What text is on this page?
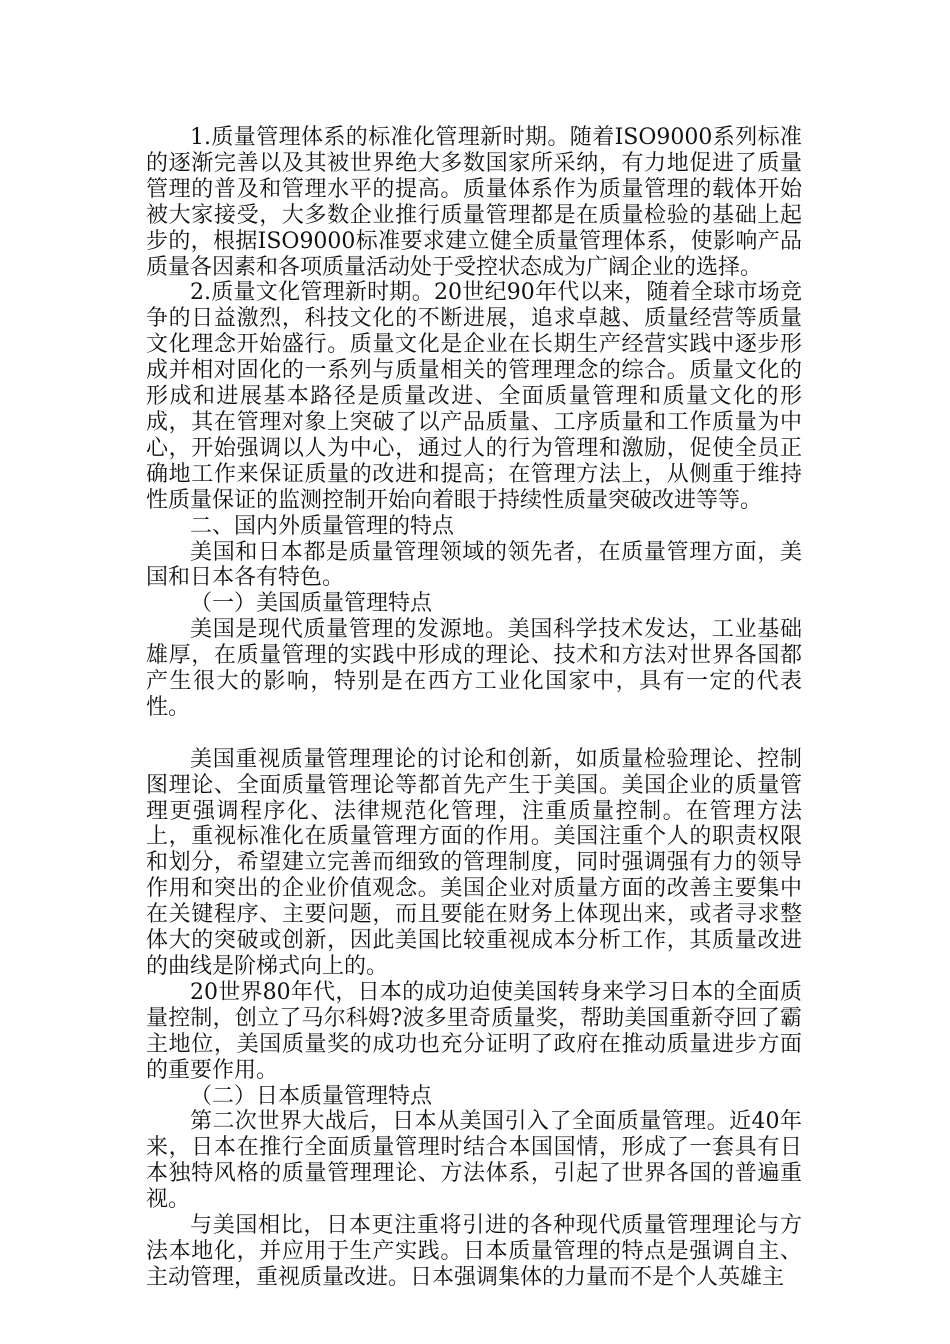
1.质量管理体系的标准化管理新时期。随着ISO9000系列标准的逐渐完善以及其被世界绝大多数国家所采纳，有力地促进了质量管理的普及和管理水平的提高。质量体系作为质量管理的载体开始被大家接受，大多数企业推行质量管理都是在质量检验的基础上起步的，根据ISO9000标准要求建立健全质量管理体系，使影响产品质量各因素和各项质量活动处于受控状态成为广阔企业的选择。

2.质量文化管理新时期。20世纪90年代以来，随着全球市场竞争的日益激烈，科技文化的不断进展，追求卓越、质量经营等质量文化理念开始盛行。质量文化是企业在长期生产经营实践中逐步形成并相对固化的一系列与质量相关的管理理念的综合。质量文化的形成和进展基本路径是质量改进、全面质量管理和质量文化的形成，其在管理对象上突破了以产品质量、工序质量和工作质量为中心，开始强调以人为中心，通过人的行为管理和激励，促使全员正确地工作来保证质量的改进和提高；在管理方法上，从侧重于维持性质量保证的监测控制开始向着眼于持续性质量突破改进等等。

二、国内外质量管理的特点

美国和日本都是质量管理领域的领先者，在质量管理方面，美国和日本各有特色。

（一）美国质量管理特点

美国是现代质量管理的发源地。美国科学技术发达，工业基础雄厚，在质量管理的实践中形成的理论、技术和方法对世界各国都产生很大的影响，特别是在西方工业化国家中，具有一定的代表性。

美国重视质量管理理论的讨论和创新，如质量检验理论、控制图理论、全面质量管理论等都首先产生于美国。美国企业的质量管理更强调程序化、法律规范化管理，注重质量控制。在管理方法上，重视标准化在质量管理方面的作用。美国注重个人的职责权限和划分，希望建立完善而细致的管理制度，同时强调强有力的领导作用和突出的企业价值观念。美国企业对质量方面的改善主要集中在关键程序、主要问题，而且要能在财务上体现出来，或者寻求整体大的突破或创新，因此美国比较重视成本分析工作，其质量改进的曲线是阶梯式向上的。

20世界80年代，日本的成功迫使美国转身来学习日本的全面质量控制，创立了马尔科姆?波多里奇质量奖，帮助美国重新夺回了霸主地位，美国质量奖的成功也充分证明了政府在推动质量进步方面的重要作用。

（二）日本质量管理特点

第二次世界大战后，日本从美国引入了全面质量管理。近40年来，日本在推行全面质量管理时结合本国国情，形成了一套具有日本独特风格的质量管理理论、方法体系，引起了世界各国的普遍重视。

与美国相比，日本更注重将引进的各种现代质量管理理论与方法本地化，并应用于生产实践。日本质量管理的特点是强调自主、主动管理，重视质量改进。日本强调集体的力量而不是个人英雄主
